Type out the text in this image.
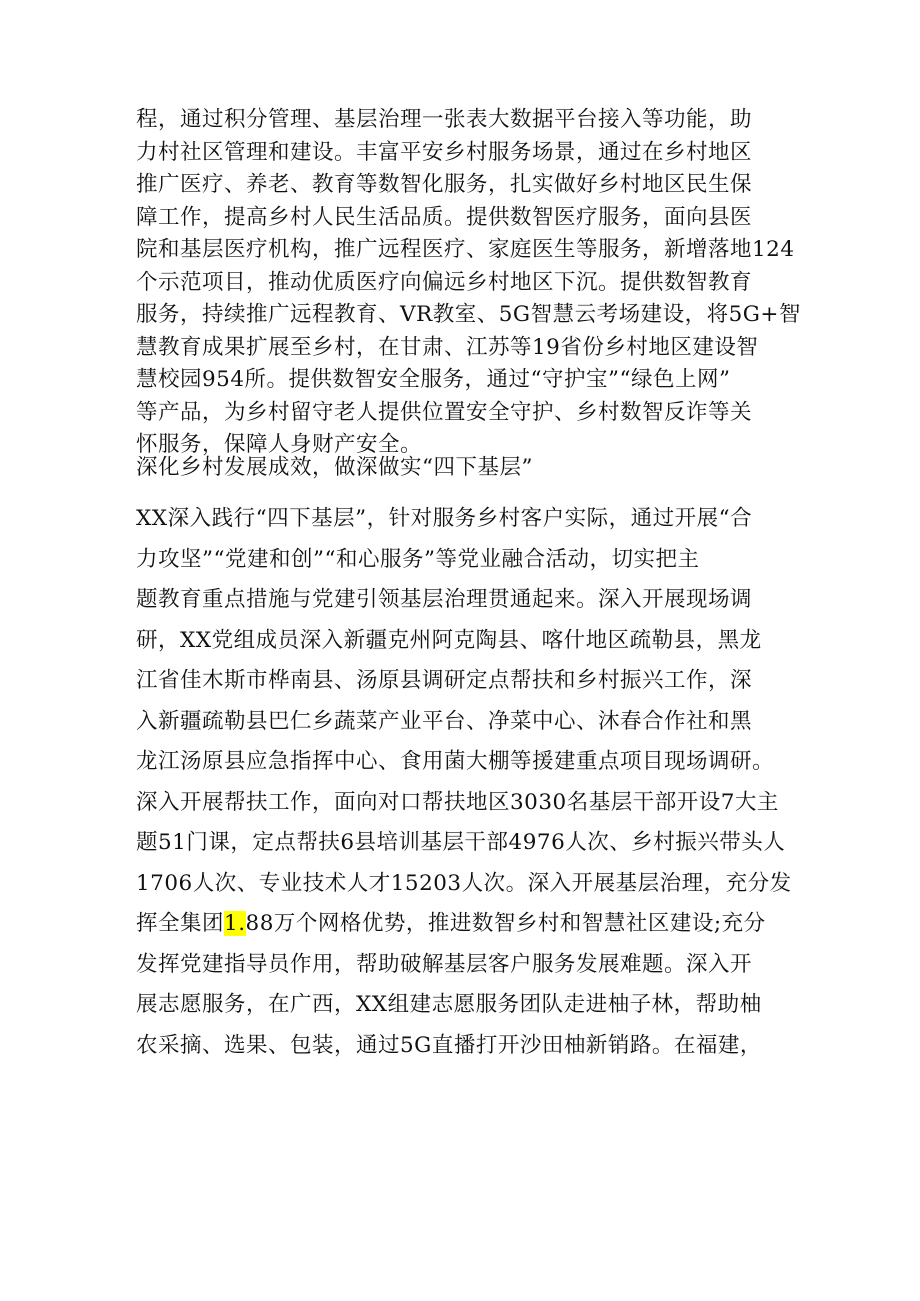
程，通过积分管理、基层治理一张表大数据平台接入等功能，助
力村社区管理和建设。丰富平安乡村服务场景，通过在乡村地区
推广医疗、养老、教育等数智化服务，扎实做好乡村地区民生保
障工作，提高乡村人民生活品质。提供数智医疗服务，面向县医
院和基层医疗机构，推广远程医疗、家庭医生等服务，新增落地124
个示范项目，推动优质医疗向偏远乡村地区下沉。提供数智教育
服务，持续推广远程教育、VR教室、5G智慧云考场建设，将5G+智
慧教育成果扩展至乡村，在甘肃、江苏等19省份乡村地区建设智
慧校园954所。提供数智安全服务，通过“守护宝”“绿色上网”
等产品，为乡村留守老人提供位置安全守护、乡村数智反诈等关
怀服务，保障人身财产安全。
深化乡村发展成效，做深做实“四下基层”
XX深入践行“四下基层”，针对服务乡村客户实际，通过开展“合
力攻坚”“党建和创”“和心服务”等党业融合活动，切实把主
题教育重点措施与党建引领基层治理贯通起来。深入开展现场调
研，XX党组成员深入新疆克州阿克陶县、喀什地区疏勒县，黑龙
江省佳木斯市桦南县、汤原县调研定点帮扶和乡村振兴工作，深
入新疆疏勒县巴仁乡蔬菜产业平台、净菜中心、沐春合作社和黑
龙江汤原县应急指挥中心、食用菌大棚等援建重点项目现场调研。
深入开展帮扶工作，面向对口帮扶地区3030名基层干部开设7大主
题51门课，定点帮扶6县培训基层干部4976人次、乡村振兴带头人
1706人次、专业技术人才15203人次。深入开展基层治理，充分发
挥全集团1.88万个网格优势，推进数智乡村和智慧社区建设;充分
发挥党建指导员作用，帮助破解基层客户服务发展难题。深入开
展志愿服务，在广西，XX组建志愿服务团队走进柚子林，帮助柚
农采摘、选果、包装，通过5G直播打开沙田柚新销路。在福建，
